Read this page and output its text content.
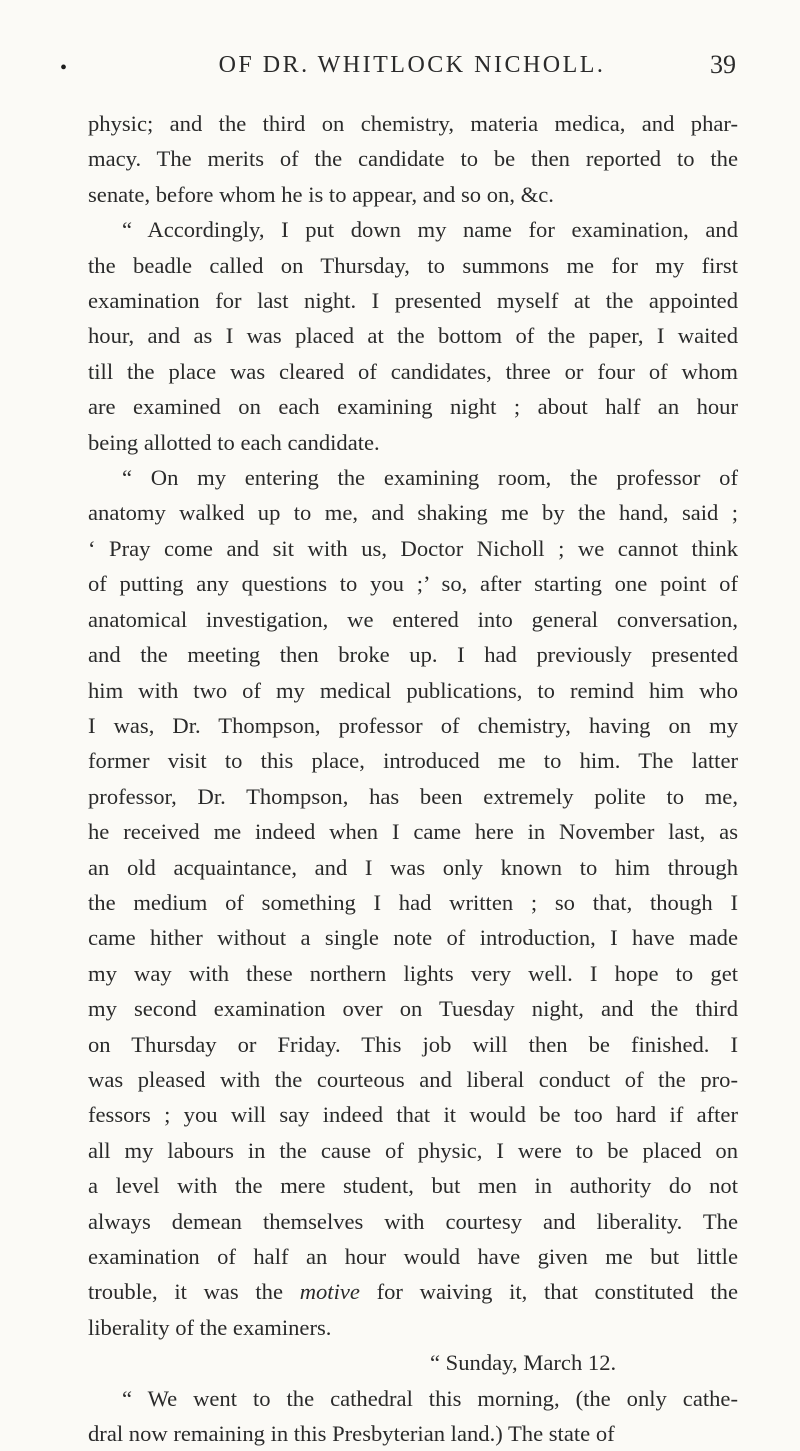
•	OF DR. WHITLOCK NICHOLL.	39

physic; and the third on chemistry, materia medica, and phar-

macy. The merits of the candidate to be then reported to the

senate, before whom he is to appear, and so on, &c.

“ Accordingly, I put down my name for examination, and

the beadle called on Thursday, to summons me for my first

examination for last night. I presented myself at the appointed

hour, and as I was placed at the bottom of the paper, I waited

till the place was cleared of candidates, three or four of whom

are examined on each examining night ; about half an hour

being allotted to each candidate.

“ On my entering the examining room, the professor of

anatomy walked up to me, and shaking me by the hand, said ;

‘ Pray come and sit with us, Doctor Nicholl ; we cannot think

of putting any questions to you ;’ so, after starting one point of

anatomical investigation, we entered into general conversation,

and the meeting then broke up. I had previously presented

him with two of my medical publications, to remind him who

I was, Dr. Thompson, professor of chemistry, having on my

former visit to this place, introduced me to him. The latter

professor, Dr. Thompson, has been extremely polite to me,

he received me indeed when I came here in November last, as

an old acquaintance, and I was only known to him through

the medium of something I had written ; so that, though I

came hither without a single note of introduction, I have made

my way with these northern lights very well. I hope to get

my second examination over on Tuesday night, and the third

on Thursday or Friday. This job will then be finished. I

was pleased with the courteous and liberal conduct of the pro-

fessors ; you will say indeed that it would be too hard if after

all my labours in the cause of physic, I were to be placed on

a level with the mere student, but men in authority do not

always demean themselves with courtesy and liberality. The

examination of half an hour would have given me but little

trouble, it was the motive for waiving it, that constituted the

liberality of the examiners.

“ Sunday, March 12.

“ We went to the cathedral this morning, (the only cathe-

dral now remaining in this Presbyterian land.) The state of
